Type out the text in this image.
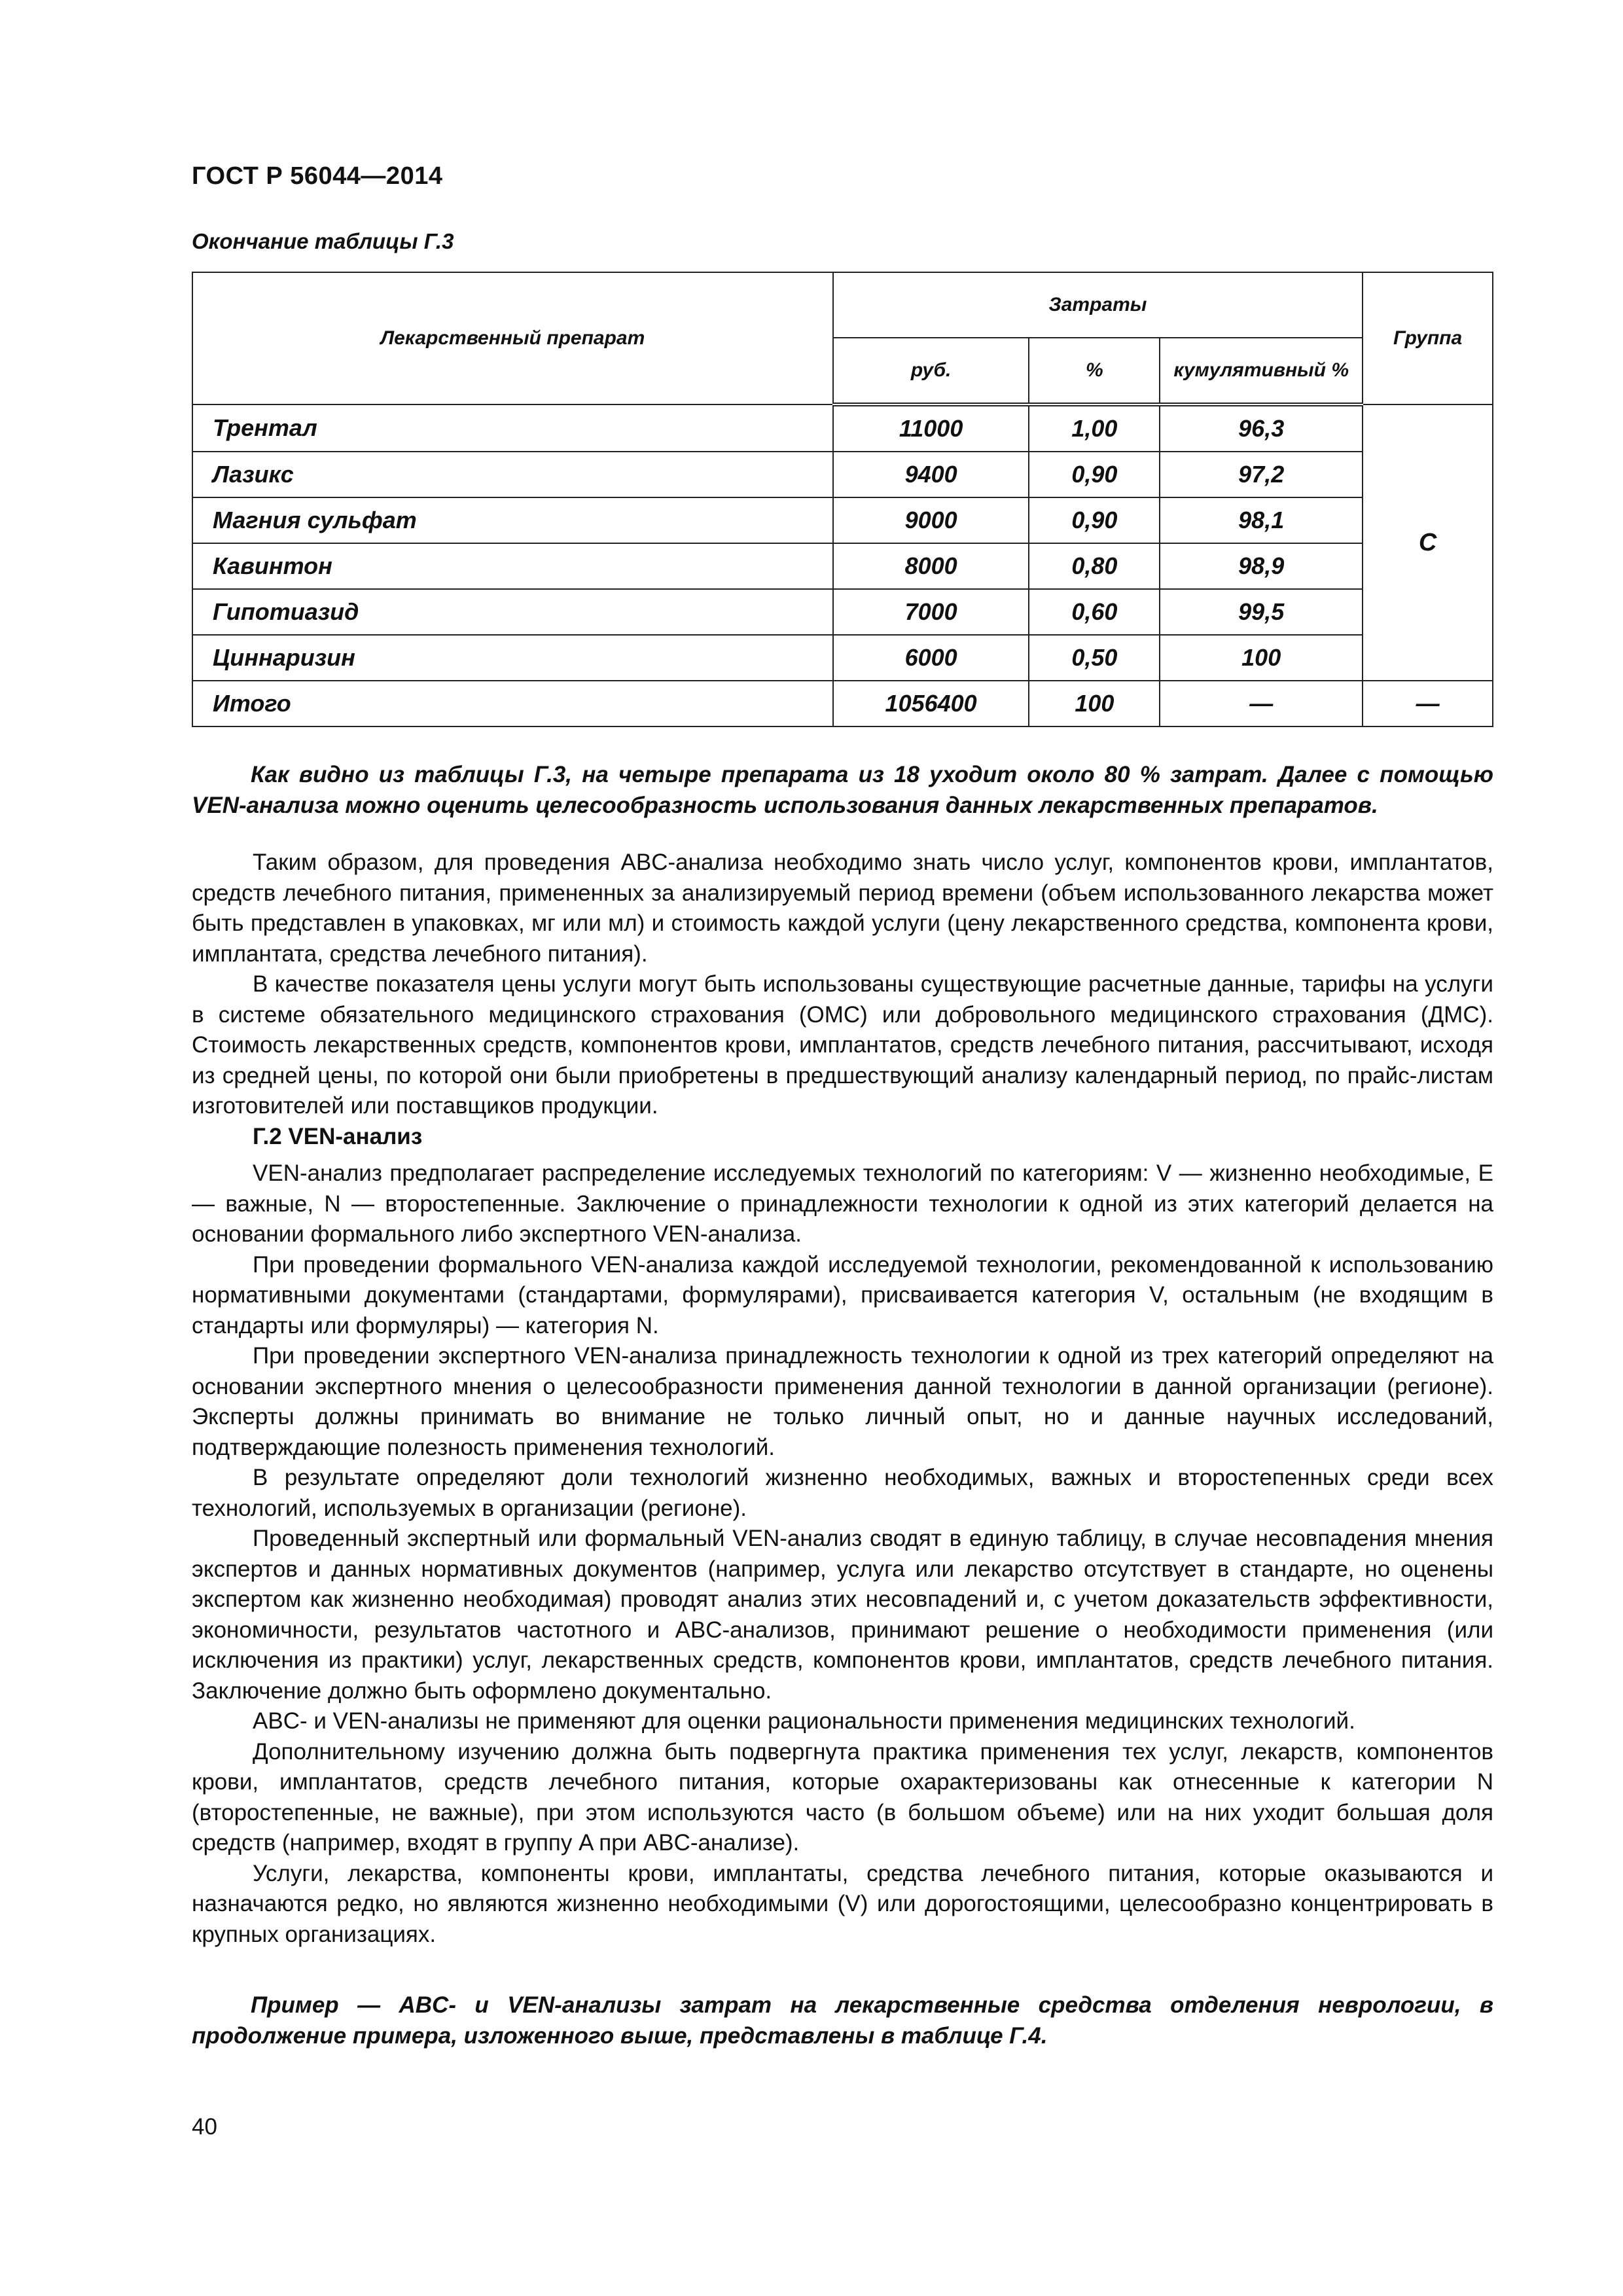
ГОСТ Р 56044—2014
Окончание таблицы Г.3
Лекарственный препарат	Затраты			Группа
	руб.	%	кумулятивный %	
Трентал	11000	1,00	96,3	С
Лазикс	9400	0,90	97,2	
Магния сульфат	9000	0,90	98,1	
Кавинтон	8000	0,80	98,9	
Гипотиазид	7000	0,60	99,5	
Циннаризин	6000	0,50	100	
Итого	1056400	100	—	—

Как видно из таблицы Г.3, на четыре препарата из 18 уходит около 80 % затрат. Далее с помощью VEN-анализа можно оценить целесообразность использования данных лекарственных препаратов.

Таким образом, для проведения ABC-анализа необходимо знать число услуг, компонентов крови, имплантатов, средств лечебного питания, примененных за анализируемый период времени (объем использованного лекарства может быть представлен в упаковках, мг или мл) и стоимость каждой услуги (цену лекарственного средства, компонента крови, имплантата, средства лечебного питания).

В качестве показателя цены услуги могут быть использованы существующие расчетные данные, тарифы на услуги в системе обязательного медицинского страхования (ОМС) или добровольного медицинского страхования (ДМС). Стоимость лекарственных средств, компонентов крови, имплантатов, средств лечебного питания, рассчитывают, исходя из средней цены, по которой они были приобретены в предшествующий анализу календарный период, по прайс-листам изготовителей или поставщиков продукции.

Г.2 VEN-анализ

VEN-анализ предполагает распределение исследуемых технологий по категориям: V — жизненно необходимые, E — важные, N — второстепенные. Заключение о принадлежности технологии к одной из этих категорий делается на основании формального либо экспертного VEN-анализа.

При проведении формального VEN-анализа каждой исследуемой технологии, рекомендованной к использованию нормативными документами (стандартами, формулярами), присваивается категория V, остальным (не входящим в стандарты или формуляры) — категория N.

При проведении экспертного VEN-анализа принадлежность технологии к одной из трех категорий определяют на основании экспертного мнения о целесообразности применения данной технологии в данной организации (регионе). Эксперты должны принимать во внимание не только личный опыт, но и данные научных исследований, подтверждающие полезность применения технологий.

В результате определяют доли технологий жизненно необходимых, важных и второстепенных среди всех технологий, используемых в организации (регионе).

Проведенный экспертный или формальный VEN-анализ сводят в единую таблицу, в случае несовпадения мнения экспертов и данных нормативных документов (например, услуга или лекарство отсутствует в стандарте, но оценены экспертом как жизненно необходимая) проводят анализ этих несовпадений и, с учетом доказательств эффективности, экономичности, результатов частотного и ABC-анализов, принимают решение о необходимости применения (или исключения из практики) услуг, лекарственных средств, компонентов крови, имплантатов, средств лечебного питания. Заключение должно быть оформлено документально.

ABC- и VEN-анализы не применяют для оценки рациональности применения медицинских технологий.

Дополнительному изучению должна быть подвергнута практика применения тех услуг, лекарств, компонентов крови, имплантатов, средств лечебного питания, которые охарактеризованы как отнесенные к категории N (второстепенные, не важные), при этом используются часто (в большом объеме) или на них уходит большая доля средств (например, входят в группу A при ABC-анализе).

Услуги, лекарства, компоненты крови, имплантаты, средства лечебного питания, которые оказываются и назначаются редко, но являются жизненно необходимыми (V) или дорогостоящими, целесообразно концентрировать в крупных организациях.

Пример — ABC- и VEN-анализы затрат на лекарственные средства отделения неврологии, в продолжение примера, изложенного выше, представлены в таблице Г.4.

40
